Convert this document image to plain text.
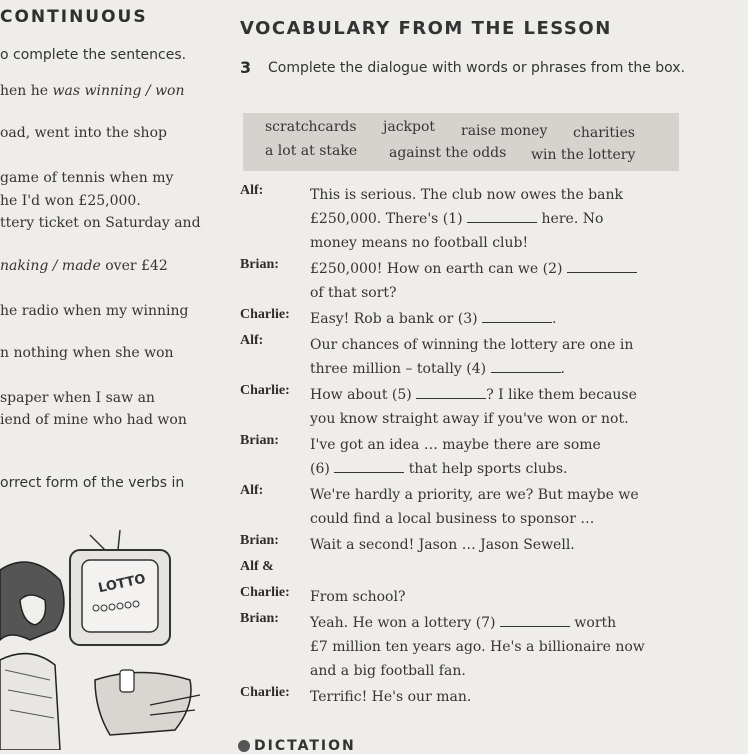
CONTINUOUS
o complete the sentences.
hen he was winning / won
oad, went into the shop
game of tennis when my
he I'd won £25,000.
ttery ticket on Saturday and
naking / made over £42
he radio when my winning
n nothing when she won
spaper when I saw an
iend of mine who had won
orrect form of the verbs in
LOTTO
VOCABULARY FROM THE LESSON
3 Complete the dialogue with words or phrases from the box.
scratchcards jackpot raise money charities
a lot at stake against the odds win the lottery
Alf:	This is serious. The club now owes the bank
£250,000. There's (1)	here. No
money means no football club!
Brian: £250,000! How on earth can we (2)
of that sort?
Charlie: Easy! Rob a bank or (3)	.
Alf:	Our chances of winning the lottery are one in
three million – totally (4)	.
Charlie: How about (5)	? I like them because
you know straight away if you've won or not.
Brian: I've got an idea … maybe there are some
(6)	that help sports clubs.
Alf:	We're hardly a priority, are we? But maybe we
could find a local business to sponsor …
Brian: Wait a second! Jason … Jason Sewell.
Alf &

Charlie: From school?
Brian: Yeah. He won a lottery (7)	worth
£7 million ten years ago. He's a billionaire now
and a big football fan.
Charlie: Terrific! He's our man.
DICTATION
